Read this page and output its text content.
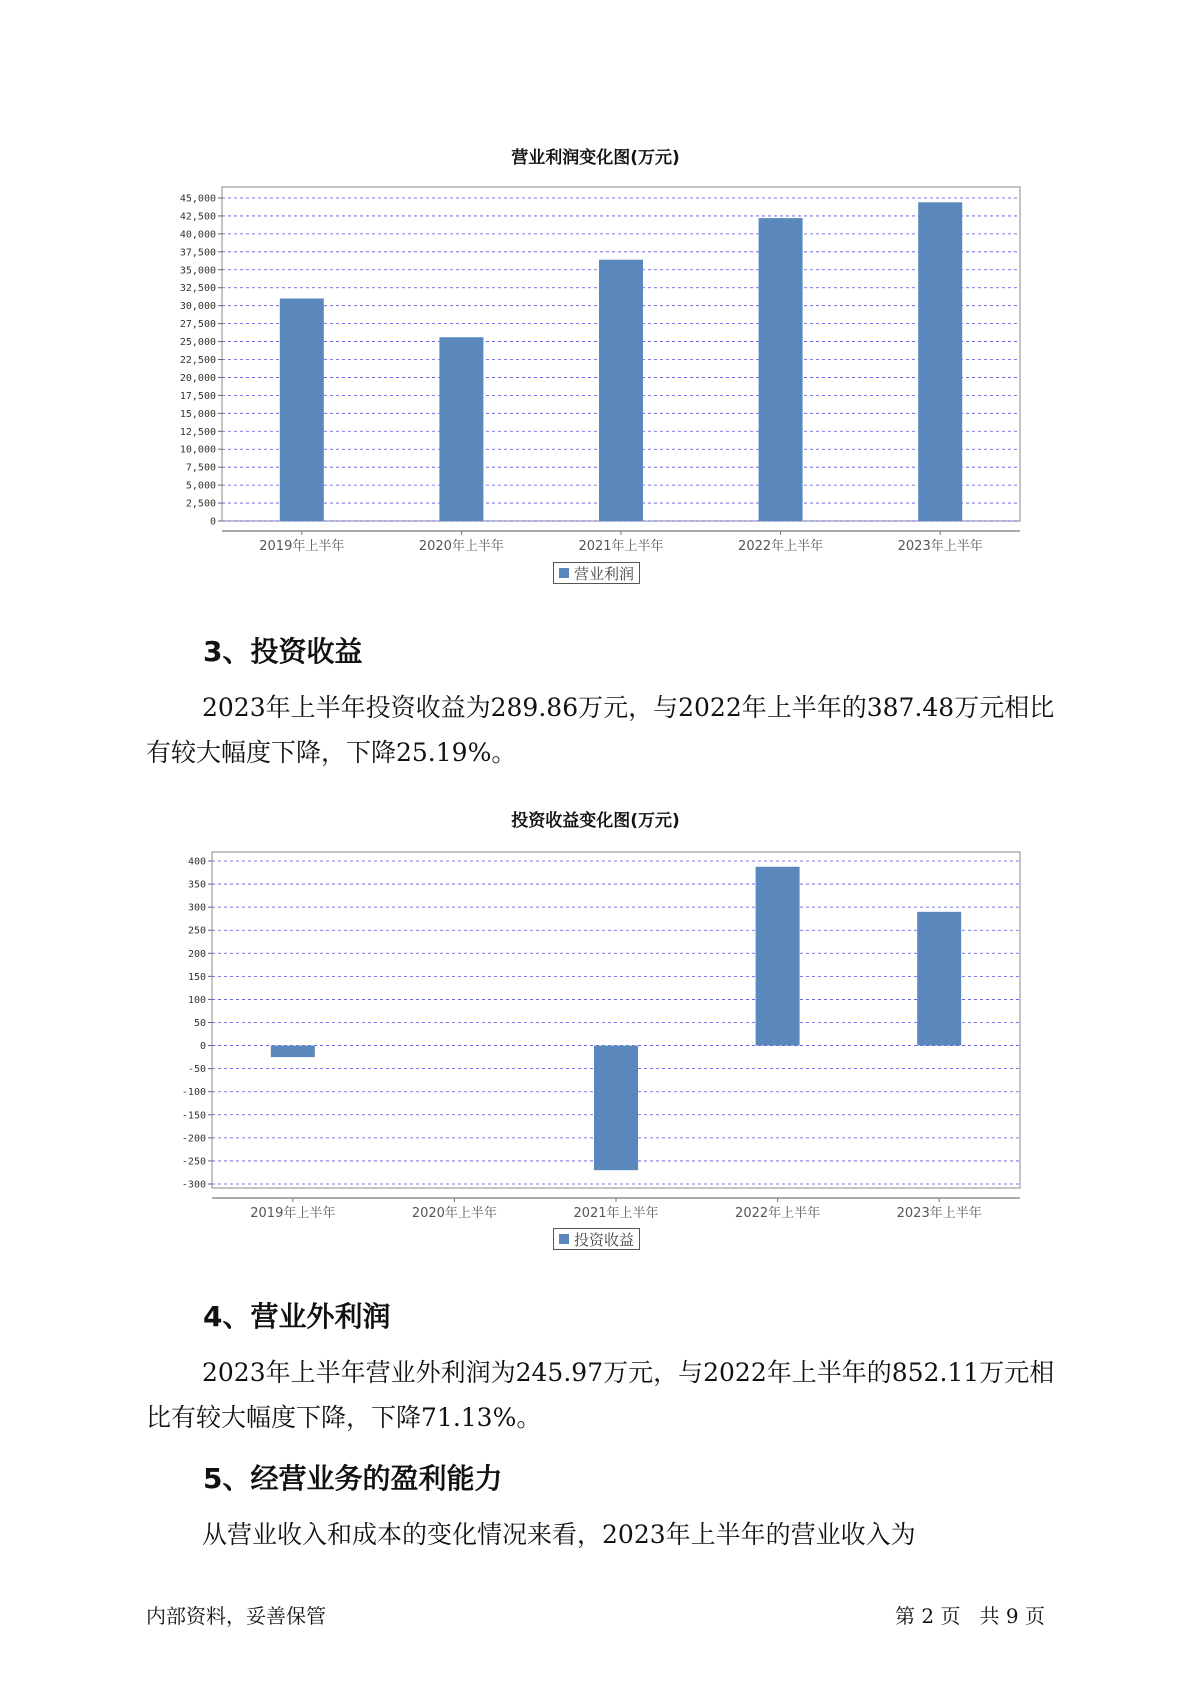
营业利润变化图(万元)
0
2,500
5,000
7,500
10,000
12,500
15,000
17,500
20,000
22,500
25,000
27,500
30,000
32,500
35,000
37,500
40,000
42,500
45,000
2019年上半年	2020年上半年	2021年上半年	2022年上半年	2023年上半年
营业利润
3、投资收益
2023年上半年投资收益为289.86万元，与2022年上半年的387.48万元相比有较大幅度下降，下降25.19%。
投资收益变化图(万元)
-300
-250
-200
-150
-100
-50
0
50
100
150
200
250
300
350
400
2019年上半年	2020年上半年	2021年上半年	2022年上半年	2023年上半年
投资收益
4、营业外利润
2023年上半年营业外利润为245.97万元，与2022年上半年的852.11万元相比有较大幅度下降，下降71.13%。
5、经营业务的盈利能力
从营业收入和成本的变化情况来看，2023年上半年的营业收入为
内部资料，妥善保管	第 2 页   共 9 页
